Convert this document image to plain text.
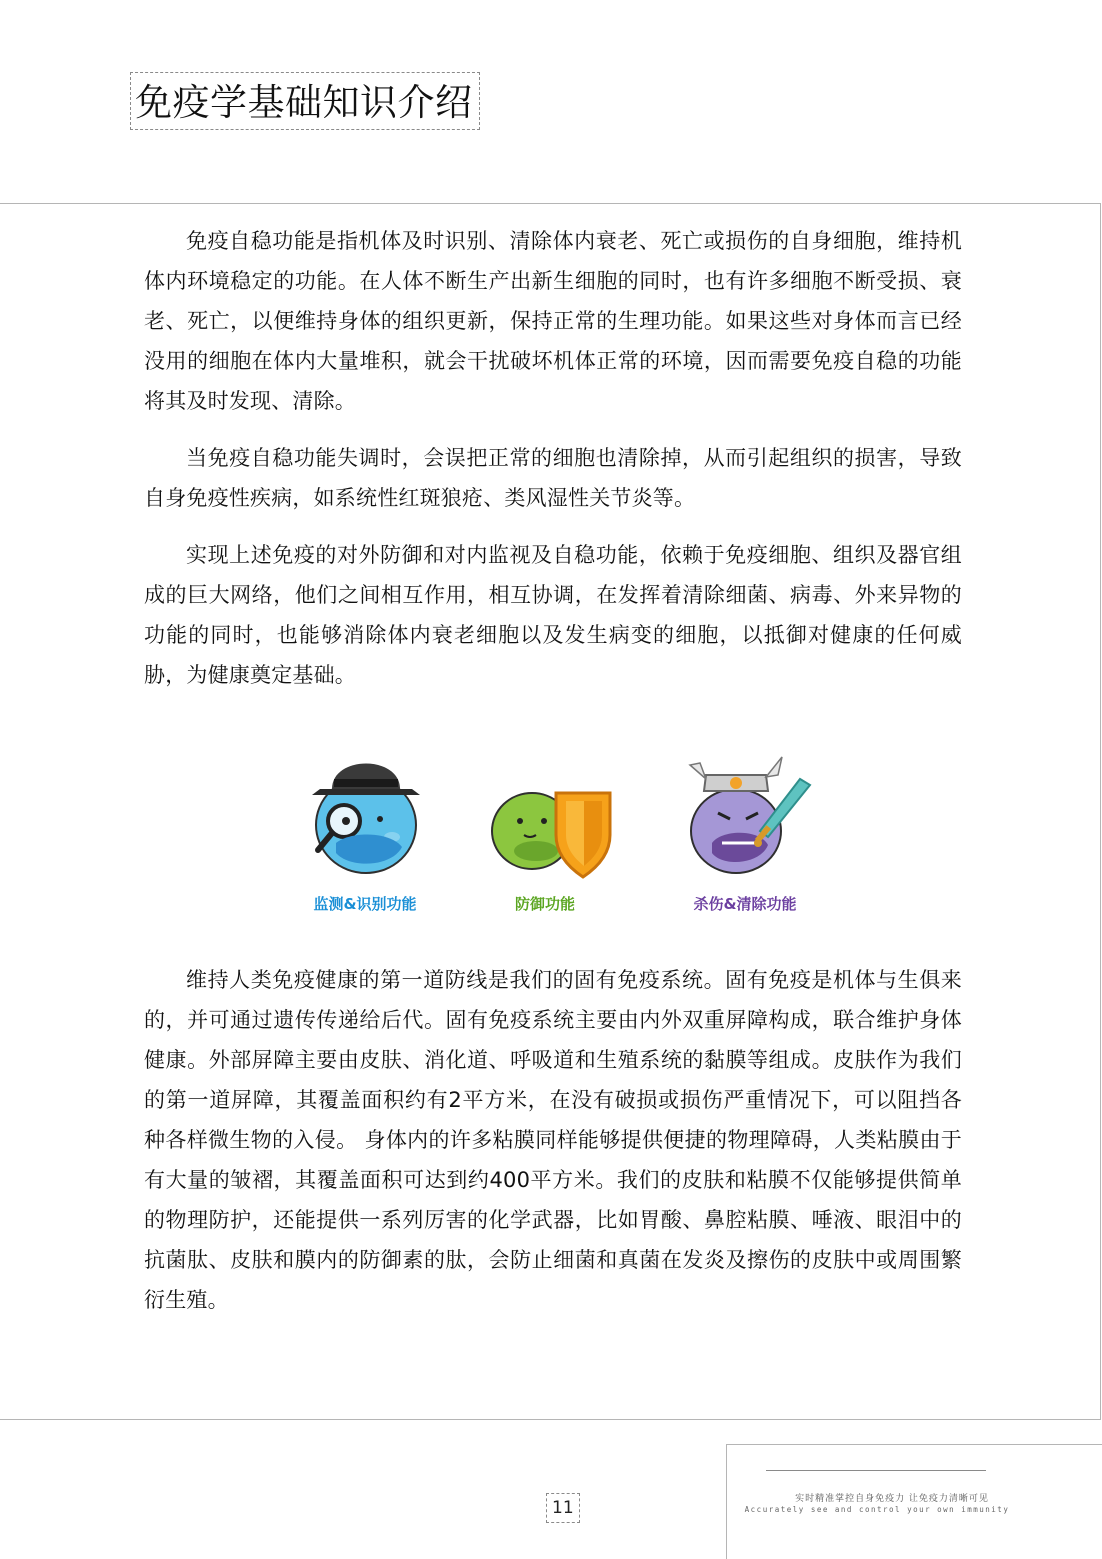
免疫学基础知识介绍

免疫自稳功能是指机体及时识别、清除体内衰老、死亡或损伤的自身细胞，维持机体内环境稳定的功能。在人体不断生产出新生细胞的同时，也有许多细胞不断受损、衰老、死亡，以便维持身体的组织更新，保持正常的生理功能。如果这些对身体而言已经没用的细胞在体内大量堆积，就会干扰破坏机体正常的环境，因而需要免疫自稳的功能将其及时发现、清除。

当免疫自稳功能失调时，会误把正常的细胞也清除掉，从而引起组织的损害，导致自身免疫性疾病，如系统性红斑狼疮、类风湿性关节炎等。

实现上述免疫的对外防御和对内监视及自稳功能，依赖于免疫细胞、组织及器官组成的巨大网络，他们之间相互作用，相互协调，在发挥着清除细菌、病毒、外来异物的功能的同时，也能够消除体内衰老细胞以及发生病变的细胞，以抵御对健康的任何威胁，为健康奠定基础。

监测&识别功能	防御功能	杀伤&清除功能

维持人类免疫健康的第一道防线是我们的固有免疫系统。固有免疫是机体与生俱来的，并可通过遗传传递给后代。固有免疫系统主要由内外双重屏障构成，联合维护身体健康。外部屏障主要由皮肤、消化道、呼吸道和生殖系统的黏膜等组成。皮肤作为我们的第一道屏障，其覆盖面积约有2平方米，在没有破损或损伤严重情况下，可以阻挡各种各样微生物的入侵。 身体内的许多粘膜同样能够提供便捷的物理障碍，人类粘膜由于有大量的皱褶，其覆盖面积可达到约400平方米。我们的皮肤和粘膜不仅能够提供简单的物理防护，还能提供一系列厉害的化学武器，比如胃酸、鼻腔粘膜、唾液、眼泪中的抗菌肽、皮肤和膜内的防御素的肽，会防止细菌和真菌在发炎及擦伤的皮肤中或周围繁衍生殖。

11	实时精准掌控自身免疫力 让免疫力清晰可见
Accurately see and control your own immunity
